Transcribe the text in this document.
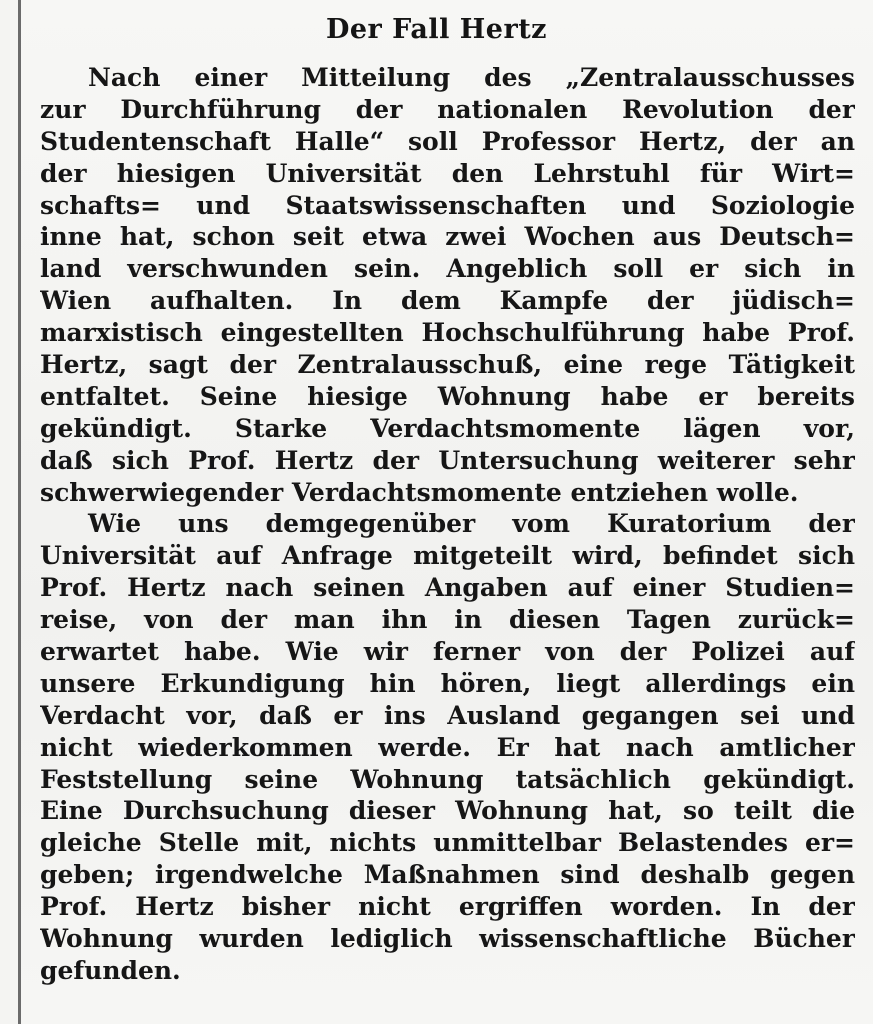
Der Fall Hertz
Nach einer Mitteilung des „Zentralausschusses
zur Durchführung der nationalen Revolution der
Studentenschaft Halle“ soll Professor Hertz, der an
der hiesigen Universität den Lehrstuhl für Wirt=
schafts= und Staatswissenschaften und Soziologie
inne hat, schon seit etwa zwei Wochen aus Deutsch=
land verschwunden sein. Angeblich soll er sich in
Wien aufhalten. In dem Kampfe der jüdisch=
marxistisch eingestellten Hochschulführung habe Prof.
Hertz, sagt der Zentralausschuß, eine rege Tätigkeit
entfaltet. Seine hiesige Wohnung habe er bereits
gekündigt. Starke Verdachtsmomente lägen vor,
daß sich Prof. Hertz der Untersuchung weiterer sehr
schwerwiegender Verdachtsmomente entziehen wolle.
Wie uns demgegenüber vom Kuratorium der
Universität auf Anfrage mitgeteilt wird, befindet sich
Prof. Hertz nach seinen Angaben auf einer Studien=
reise, von der man ihn in diesen Tagen zurück=
erwartet habe. Wie wir ferner von der Polizei auf
unsere Erkundigung hin hören, liegt allerdings ein
Verdacht vor, daß er ins Ausland gegangen sei und
nicht wiederkommen werde. Er hat nach amtlicher
Feststellung seine Wohnung tatsächlich gekündigt.
Eine Durchsuchung dieser Wohnung hat, so teilt die
gleiche Stelle mit, nichts unmittelbar Belastendes er=
geben; irgendwelche Maßnahmen sind deshalb gegen
Prof. Hertz bisher nicht ergriffen worden. In der
Wohnung wurden lediglich wissenschaftliche Bücher
gefunden.
